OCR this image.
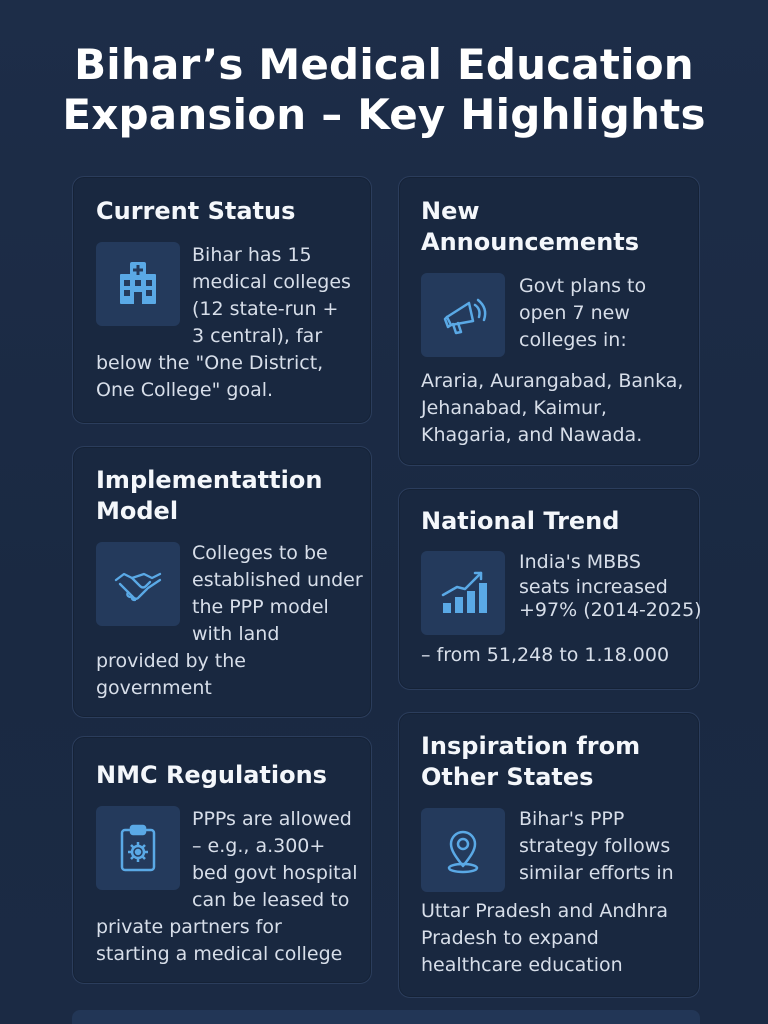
Bihar’s Medical Education
Expansion – Key Highlights
Current Status
Bihar has 15
medical colleges
(12 state-run +
3 central), far
below the "One District,
One College" goal.
New
Announcements
Govt plans to
open 7 new
colleges in:
Araria, Aurangabad, Banka,
Jehanabad, Kaimur,
Khagaria, and Nawada.
Implementattion
Model
Colleges to be
established under
the PPP model
with land
provided by the
government
National Trend
India's MBBS
seats increased
+97% (2014-2025)
– from 51,248 to 1.18.000
NMC Regulations
PPPs are allowed
– e.g., a.300+
bed govt hospital
can be leased to
private partners for
starting a medical college
Inspiration from
Other States
Bihar's PPP
strategy follows
similar efforts in
Uttar Pradesh and Andhra
Pradesh to expand
healthcare education
